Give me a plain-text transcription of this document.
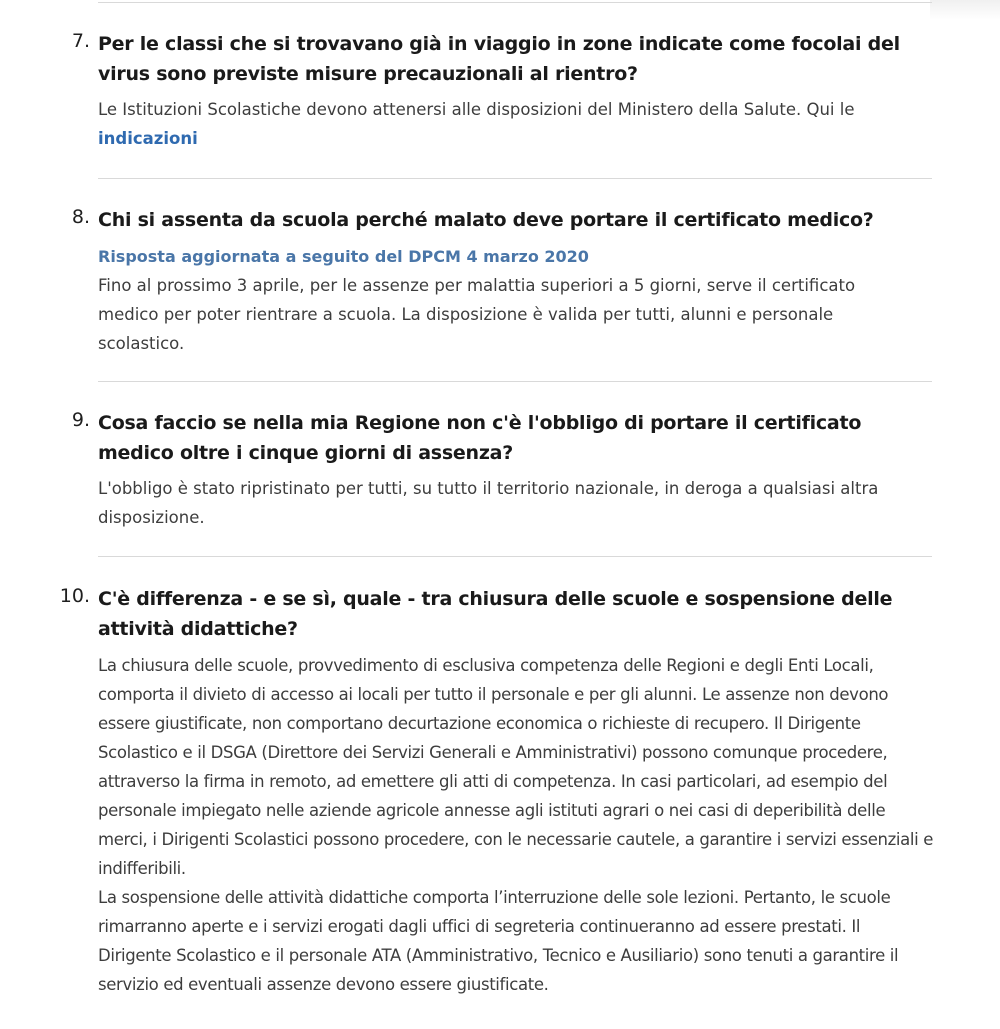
7. Per le classi che si trovavano già in viaggio in zone indicate come focolai del virus sono previste misure precauzionali al rientro?

Le Istituzioni Scolastiche devono attenersi alle disposizioni del Ministero della Salute. Qui le indicazioni

8. Chi si assenta da scuola perché malato deve portare il certificato medico?

Risposta aggiornata a seguito del DPCM 4 marzo 2020

Fino al prossimo 3 aprile, per le assenze per malattia superiori a 5 giorni, serve il certificato medico per poter rientrare a scuola. La disposizione è valida per tutti, alunni e personale scolastico.

9. Cosa faccio se nella mia Regione non c'è l'obbligo di portare il certificato medico oltre i cinque giorni di assenza?

L'obbligo è stato ripristinato per tutti, su tutto il territorio nazionale, in deroga a qualsiasi altra disposizione.

10. C'è differenza - e se sì, quale - tra chiusura delle scuole e sospensione delle attività didattiche?

La chiusura delle scuole, provvedimento di esclusiva competenza delle Regioni e degli Enti Locali, comporta il divieto di accesso ai locali per tutto il personale e per gli alunni. Le assenze non devono essere giustificate, non comportano decurtazione economica o richieste di recupero. Il Dirigente Scolastico e il DSGA (Direttore dei Servizi Generali e Amministrativi) possono comunque procedere, attraverso la firma in remoto, ad emettere gli atti di competenza. In casi particolari, ad esempio del personale impiegato nelle aziende agricole annesse agli istituti agrari o nei casi di deperibilità delle merci, i Dirigenti Scolastici possono procedere, con le necessarie cautele, a garantire i servizi essenziali e indifferibili.

La sospensione delle attività didattiche comporta l’interruzione delle sole lezioni. Pertanto, le scuole rimarranno aperte e i servizi erogati dagli uffici di segreteria continueranno ad essere prestati. Il Dirigente Scolastico e il personale ATA (Amministrativo, Tecnico e Ausiliario) sono tenuti a garantire il servizio ed eventuali assenze devono essere giustificate.
